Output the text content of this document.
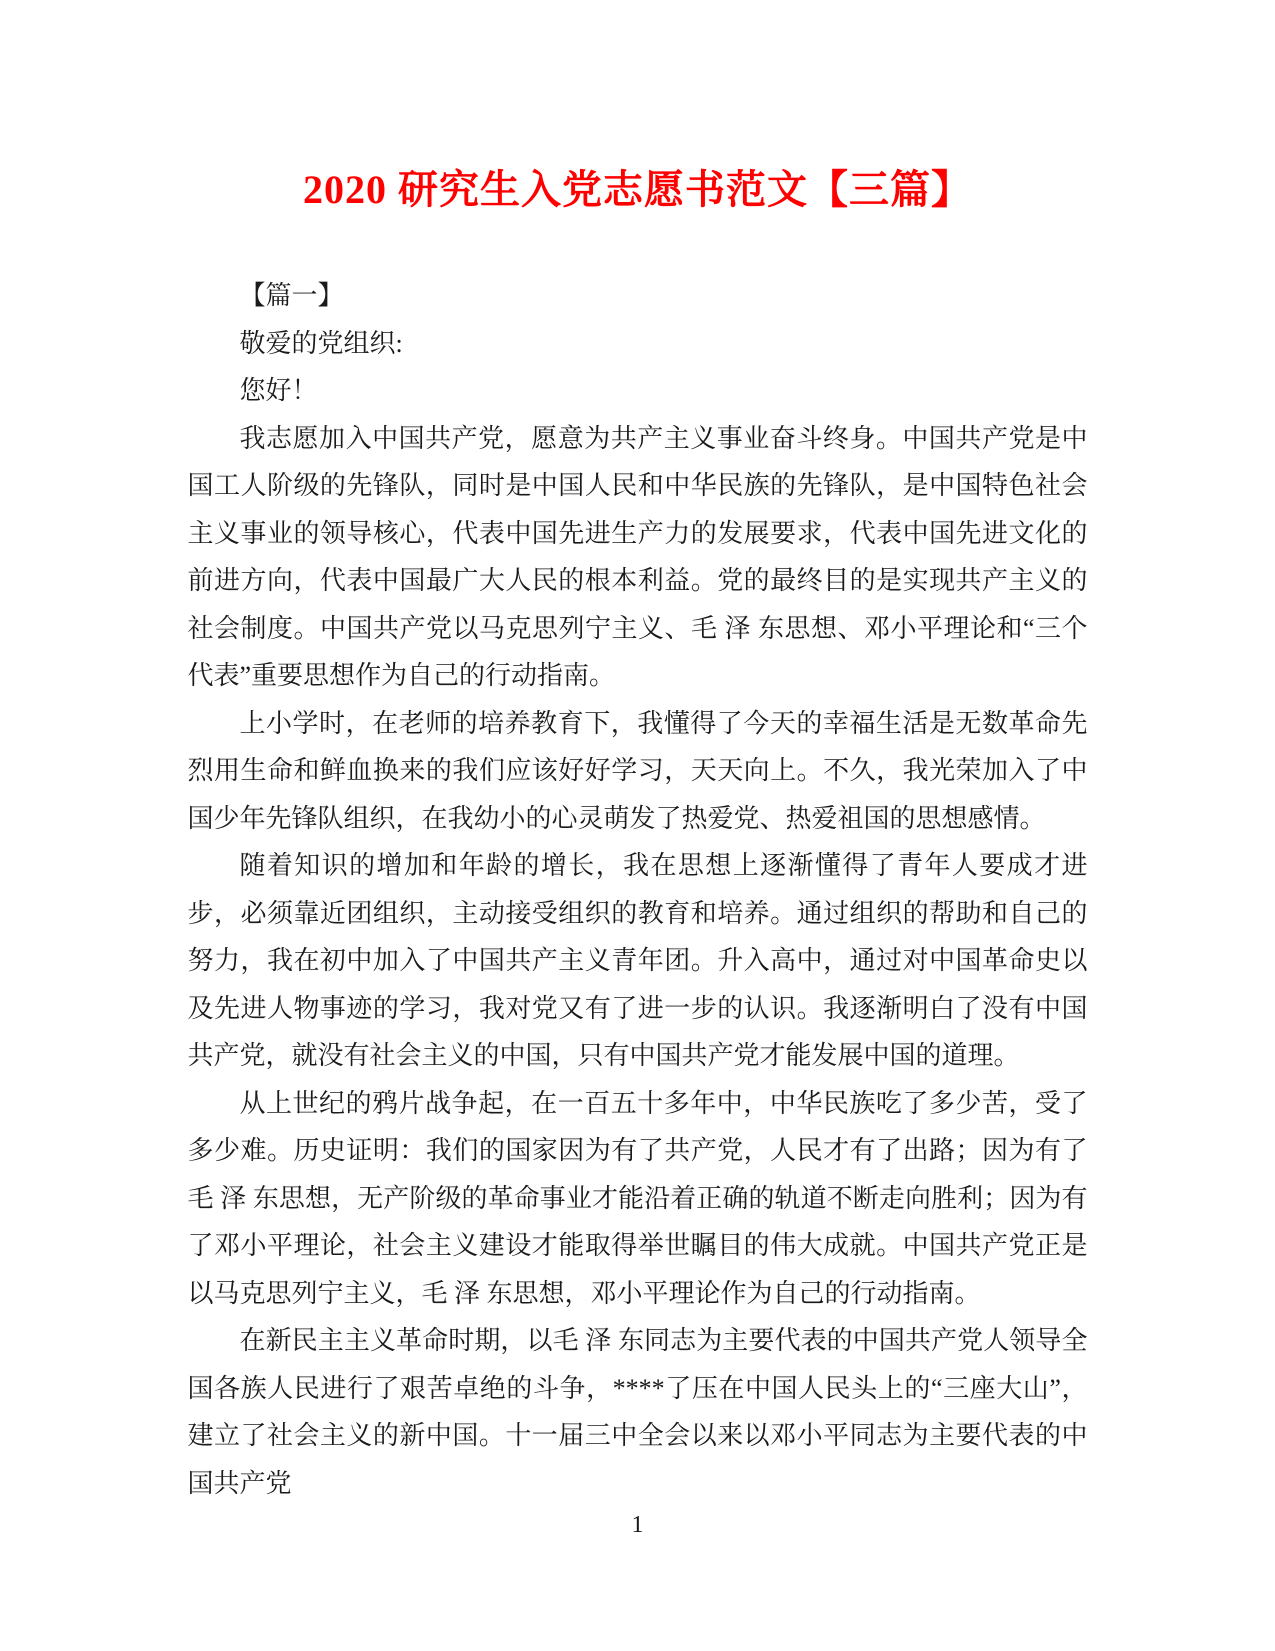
2020 研究生入党志愿书范文【三篇】

【篇一】

敬爱的党组织:

您好！

我志愿加入中国共产党，愿意为共产主义事业奋斗终身。中国共产党是中国工人阶级的先锋队，同时是中国人民和中华民族的先锋队，是中国特色社会主义事业的领导核心，代表中国先进生产力的发展要求，代表中国先进文化的前进方向，代表中国最广大人民的根本利益。党的最终目的是实现共产主义的社会制度。中国共产党以马克思列宁主义、毛 泽 东思想、邓小平理论和“三个代表”重要思想作为自己的行动指南。

上小学时，在老师的培养教育下，我懂得了今天的幸福生活是无数革命先烈用生命和鲜血换来的我们应该好好学习，天天向上。不久，我光荣加入了中国少年先锋队组织，在我幼小的心灵萌发了热爱党、热爱祖国的思想感情。

随着知识的增加和年龄的增长，我在思想上逐渐懂得了青年人要成才进步，必须靠近团组织，主动接受组织的教育和培养。通过组织的帮助和自己的努力，我在初中加入了中国共产主义青年团。升入高中，通过对中国革命史以及先进人物事迹的学习，我对党又有了进一步的认识。我逐渐明白了没有中国共产党，就没有社会主义的中国，只有中国共产党才能发展中国的道理。

从上世纪的鸦片战争起，在一百五十多年中，中华民族吃了多少苦，受了多少难。历史证明：我们的国家因为有了共产党，人民才有了出路；因为有了毛 泽 东思想，无产阶级的革命事业才能沿着正确的轨道不断走向胜利；因为有了邓小平理论，社会主义建设才能取得举世瞩目的伟大成就。中国共产党正是以马克思列宁主义，毛 泽 东思想，邓小平理论作为自己的行动指南。

在新民主主义革命时期，以毛 泽 东同志为主要代表的中国共产党人领导全国各族人民进行了艰苦卓绝的斗争，****了压在中国人民头上的“三座大山”，建立了社会主义的新中国。十一届三中全会以来以邓小平同志为主要代表的中国共产党

1
